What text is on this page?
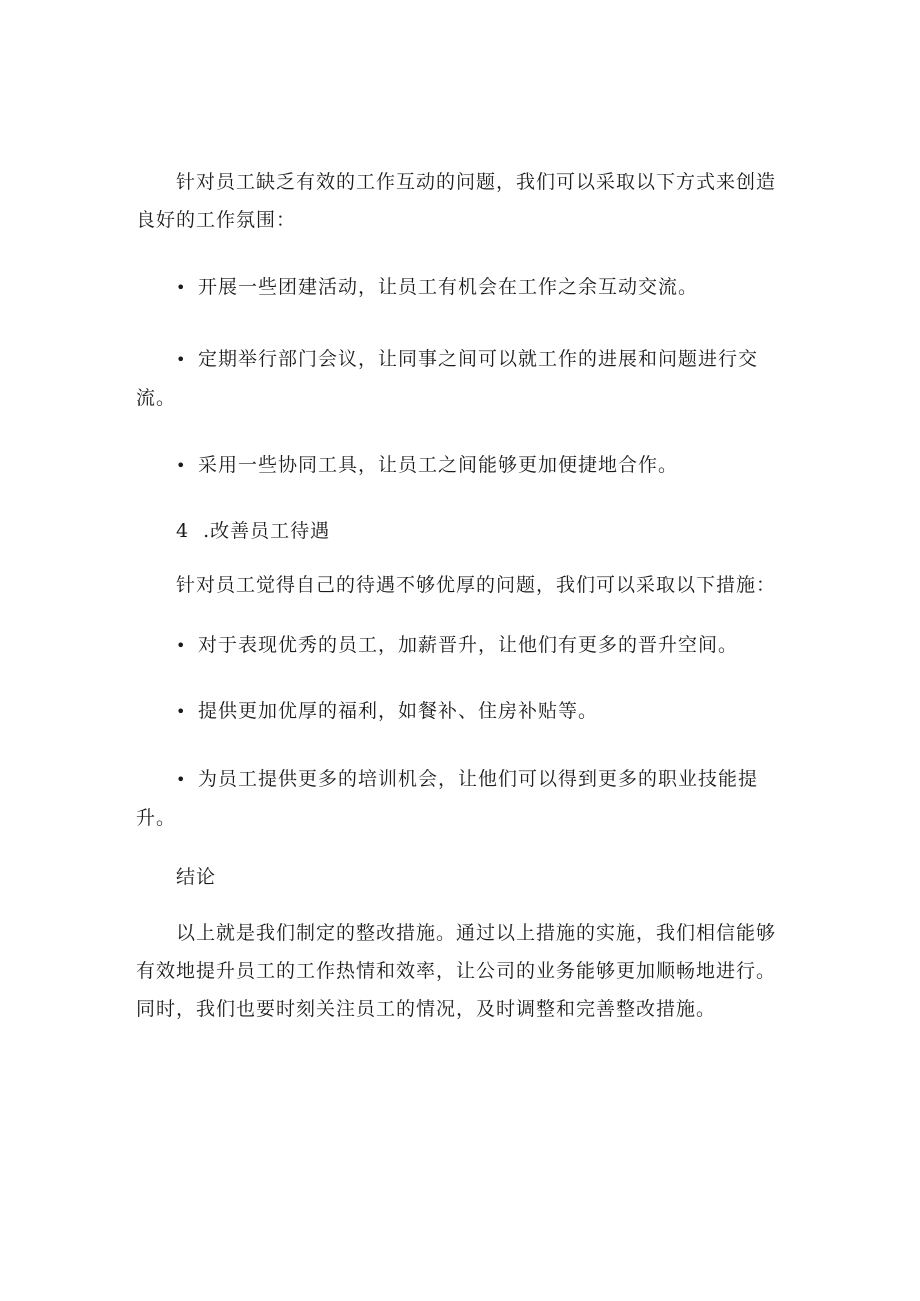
针对员工缺乏有效的工作互动的问题，我们可以采取以下方式来创造良好的工作氛围：

• 开展一些团建活动，让员工有机会在工作之余互动交流。

• 定期举行部门会议，让同事之间可以就工作的进展和问题进行交流。

• 采用一些协同工具，让员工之间能够更加便捷地合作。

4 .改善员工待遇

针对员工觉得自己的待遇不够优厚的问题，我们可以采取以下措施：

• 对于表现优秀的员工，加薪晋升，让他们有更多的晋升空间。

• 提供更加优厚的福利，如餐补、住房补贴等。

• 为员工提供更多的培训机会，让他们可以得到更多的职业技能提升。

结论

以上就是我们制定的整改措施。通过以上措施的实施，我们相信能够有效地提升员工的工作热情和效率，让公司的业务能够更加顺畅地进行。同时，我们也要时刻关注员工的情况，及时调整和完善整改措施。
